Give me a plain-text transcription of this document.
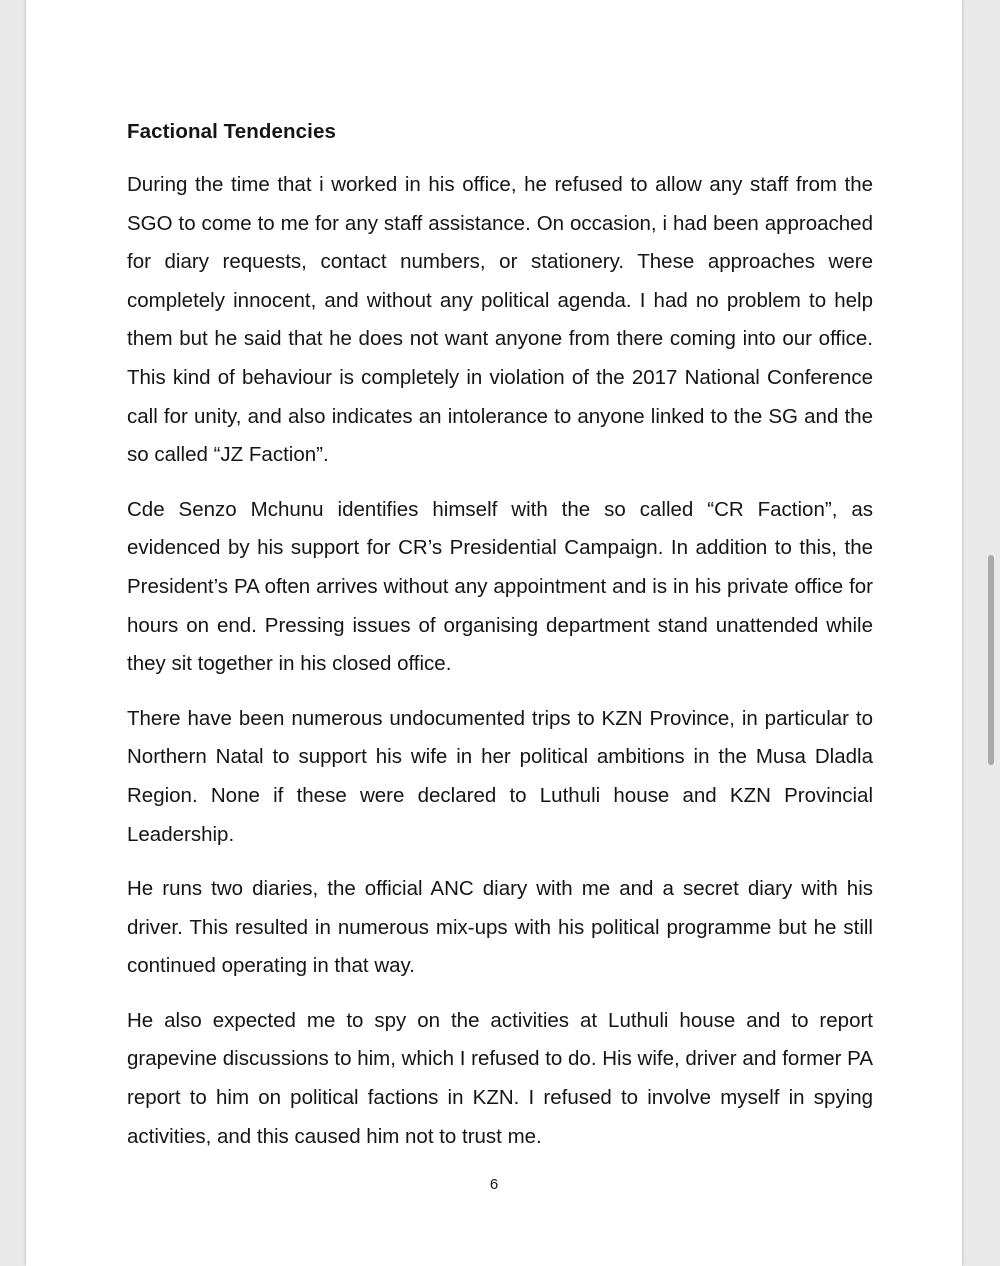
Factional Tendencies

During the time that i worked in his office, he refused to allow any staff from the SGO to come to me for any staff assistance. On occasion, i had been approached for diary requests, contact numbers, or stationery. These approaches were completely innocent, and without any political agenda. I had no problem to help them but he said that he does not want anyone from there coming into our office. This kind of behaviour is completely in violation of the 2017 National Conference call for unity, and also indicates an intolerance to anyone linked to the SG and the so called “JZ Faction”.

Cde Senzo Mchunu identifies himself with the so called “CR Faction”, as evidenced by his support for CR’s Presidential Campaign. In addition to this, the President’s PA often arrives without any appointment and is in his private office for hours on end. Pressing issues of organising department stand unattended while they sit together in his closed office.

There have been numerous undocumented trips to KZN Province, in particular to Northern Natal to support his wife in her political ambitions in the Musa Dladla Region. None if these were declared to Luthuli house and KZN Provincial Leadership.

He runs two diaries, the official ANC diary with me and a secret diary with his driver. This resulted in numerous mix-ups with his political programme but he still continued operating in that way.

He also expected me to spy on the activities at Luthuli house and to report grapevine discussions to him, which I refused to do. His wife, driver and former PA report to him on political factions in KZN. I refused to involve myself in spying activities, and this caused him not to trust me.

6
